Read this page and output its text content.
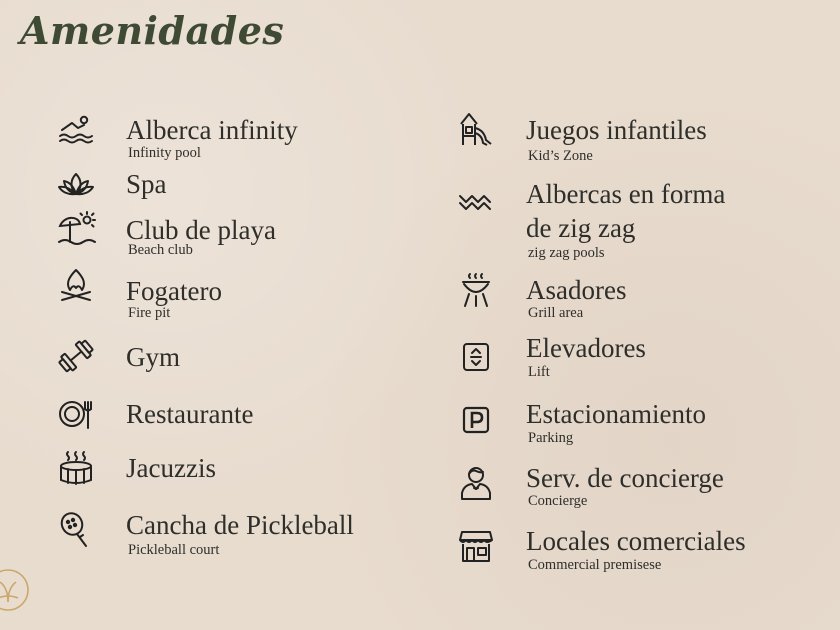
Amenidades
Alberca infinity
Infinity pool
Spa
Club de playa
Beach club
Fogatero
Fire pit
Gym
Restaurante
Jacuzzis
Cancha de Pickleball
Pickleball court
Juegos infantiles
Kid’s Zone
Albercas en forma
de zig zag
zig zag pools
Asadores
Grill area
Elevadores
Lift
Estacionamiento
Parking
Serv. de concierge
Concierge
Locales comerciales
Commercial premisese
